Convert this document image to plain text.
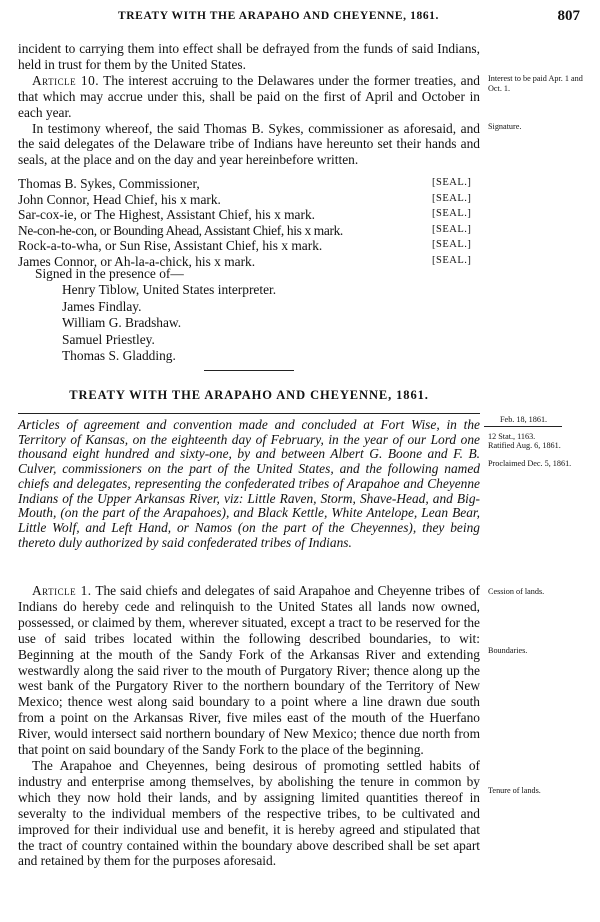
TREATY WITH THE ARAPAHO AND CHEYENNE, 1861.	807

incident to carrying them into effect shall be defrayed from the funds of said Indians, held in trust for them by the United States.

Article 10. The interest accruing to the Delawares under the former treaties, and that which may accrue under this, shall be paid on the first of April and October in each year.

In testimony whereof, the said Thomas B. Sykes, commissioner as aforesaid, and the said delegates of the Delaware tribe of Indians have hereunto set their hands and seals, at the place and on the day and year hereinbefore written.

Interest to be paid Apr. 1 and Oct. 1.
Signature.
Thomas B. Sykes, Commissioner,	[SEAL.]
John Connor, Head Chief, his x mark.	[SEAL.]
Sar-cox-ie, or The Highest, Assistant Chief, his x mark.	[SEAL.]
Ne-con-he-con, or Bounding Ahead, Assistant Chief, his x mark.	[SEAL.]
Rock-a-to-wha, or Sun Rise, Assistant Chief, his x mark.	[SEAL.]
James Connor, or Ah-la-a-chick, his x mark.	[SEAL.]
Signed in the presence of—
Henry Tiblow, United States interpreter.
James Findlay.
William G. Bradshaw.
Samuel Priestley.
Thomas S. Gladding.
TREATY WITH THE ARAPAHO AND CHEYENNE, 1861.
Articles of agreement and convention made and concluded at Fort Wise, in the Territory of Kansas, on the eighteenth day of February, in the year of our Lord one thousand eight hundred and sixty-one, by and between Albert G. Boone and F. B. Culver, commissioners on the part of the United States, and the following named chiefs and delegates, representing the confederated tribes of Arapahoe and Cheyenne Indians of the Upper Arkansas River, viz: Little Raven, Storm, Shave-Head, and Big-Mouth, (on the part of the Arapahoes), and Black Kettle, White Antelope, Lean Bear, Little Wolf, and Left Hand, or Namos (on the part of the Cheyennes), they being thereto duly authorized by said confederated tribes of Indians.
Feb. 18, 1861.
12 Stat., 1163.
Ratified Aug. 6, 1861.
Proclaimed Dec. 5, 1861.

Article 1. The said chiefs and delegates of said Arapahoe and Cheyenne tribes of Indians do hereby cede and relinquish to the United States all lands now owned, possessed, or claimed by them, wherever situated, except a tract to be reserved for the use of said tribes located within the following described boundaries, to wit: Beginning at the mouth of the Sandy Fork of the Arkansas River and extending westwardly along the said river to the mouth of Purgatory River; thence along up the west bank of the Purgatory River to the northern boundary of the Territory of New Mexico; thence west along said boundary to a point where a line drawn due south from a point on the Arkansas River, five miles east of the mouth of the Huerfano River, would intersect said northern boundary of New Mexico; thence due north from that point on said boundary of the Sandy Fork to the place of the beginning.

The Arapahoe and Cheyennes, being desirous of promoting settled habits of industry and enterprise among themselves, by abolishing the tenure in common by which they now hold their lands, and by assigning limited quantities thereof in severalty to the individual members of the respective tribes, to be cultivated and improved for their individual use and benefit, it is hereby agreed and stipulated that the tract of country contained within the boundary above described shall be set apart and retained by them for the purposes aforesaid.

Cession of lands.
Boundaries.
Tenure of lands.
